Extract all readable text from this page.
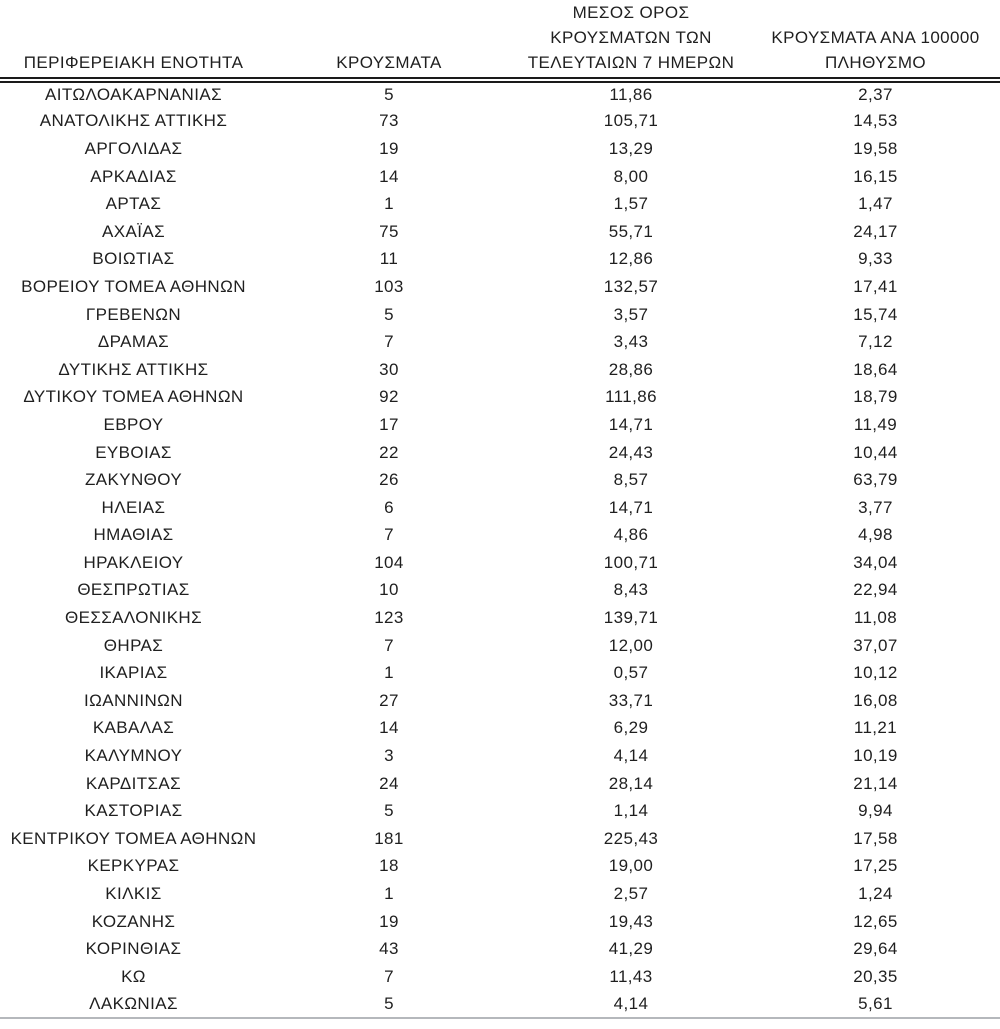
ΠΕΡΙΦΕΡΕΙΑΚΗ ΕΝΟΤΗΤΑ	ΚΡΟΥΣΜΑΤΑ	ΜΕΣΟΣ ΟΡΟΣ
ΚΡΟΥΣΜΑΤΩΝ ΤΩΝ
ΤΕΛΕΥΤΑΙΩΝ 7 ΗΜΕΡΩΝ	ΚΡΟΥΣΜΑΤΑ ΑΝΑ 100000
ΠΛΗΘΥΣΜΟ

ΑΙΤΩΛΟΑΚΑΡΝΑΝΙΑΣ	5	11,86	2,37
ΑΝΑΤΟΛΙΚΗΣ ΑΤΤΙΚΗΣ	73	105,71	14,53
ΑΡΓΟΛΙΔΑΣ	19	13,29	19,58
ΑΡΚΑΔΙΑΣ	14	8,00	16,15
ΑΡΤΑΣ	1	1,57	1,47
ΑΧΑΪΑΣ	75	55,71	24,17
ΒΟΙΩΤΙΑΣ	11	12,86	9,33
ΒΟΡΕΙΟΥ ΤΟΜΕΑ ΑΘΗΝΩΝ	103	132,57	17,41
ΓΡΕΒΕΝΩΝ	5	3,57	15,74
ΔΡΑΜΑΣ	7	3,43	7,12
ΔΥΤΙΚΗΣ ΑΤΤΙΚΗΣ	30	28,86	18,64
ΔΥΤΙΚΟΥ ΤΟΜΕΑ ΑΘΗΝΩΝ	92	111,86	18,79
ΕΒΡΟΥ	17	14,71	11,49
ΕΥΒΟΙΑΣ	22	24,43	10,44
ΖΑΚΥΝΘΟΥ	26	8,57	63,79
ΗΛΕΙΑΣ	6	14,71	3,77
ΗΜΑΘΙΑΣ	7	4,86	4,98
ΗΡΑΚΛΕΙΟΥ	104	100,71	34,04
ΘΕΣΠΡΩΤΙΑΣ	10	8,43	22,94
ΘΕΣΣΑΛΟΝΙΚΗΣ	123	139,71	11,08
ΘΗΡΑΣ	7	12,00	37,07
ΙΚΑΡΙΑΣ	1	0,57	10,12
ΙΩΑΝΝΙΝΩΝ	27	33,71	16,08
ΚΑΒΑΛΑΣ	14	6,29	11,21
ΚΑΛΥΜΝΟΥ	3	4,14	10,19
ΚΑΡΔΙΤΣΑΣ	24	28,14	21,14
ΚΑΣΤΟΡΙΑΣ	5	1,14	9,94
ΚΕΝΤΡΙΚΟΥ ΤΟΜΕΑ ΑΘΗΝΩΝ	181	225,43	17,58
ΚΕΡΚΥΡΑΣ	18	19,00	17,25
ΚΙΛΚΙΣ	1	2,57	1,24
ΚΟΖΑΝΗΣ	19	19,43	12,65
ΚΟΡΙΝΘΙΑΣ	43	41,29	29,64
ΚΩ	7	11,43	20,35
ΛΑΚΩΝΙΑΣ	5	4,14	5,61
